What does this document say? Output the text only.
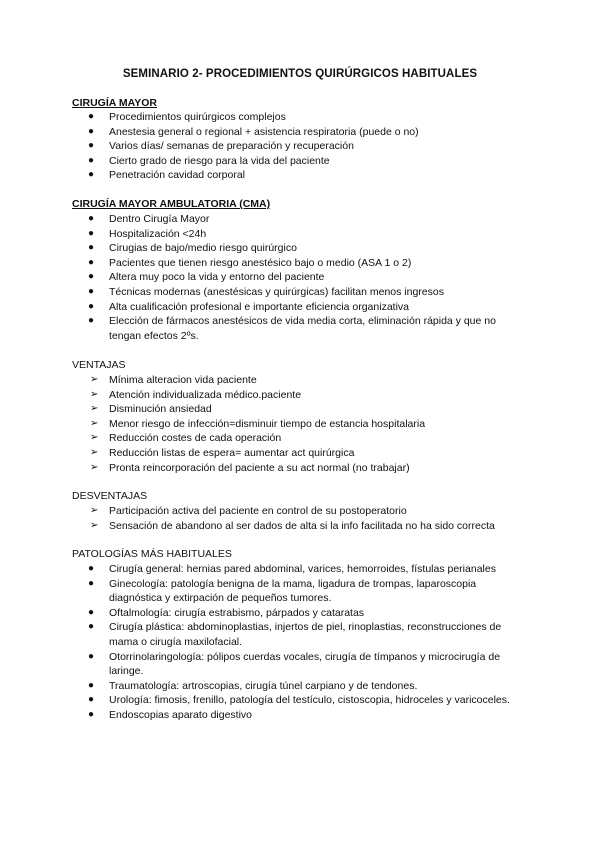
SEMINARIO 2- PROCEDIMIENTOS QUIRÚRGICOS HABITUALES
CIRUGÍA MAYOR
● Procedimientos quirúrgicos complejos
● Anestesia general o regional + asistencia respiratoria (puede o no)
● Varios días/ semanas de preparación y recuperación
● Cierto grado de riesgo para la vida del paciente
● Penetración cavidad corporal
CIRUGÍA MAYOR AMBULATORIA (CMA)
● Dentro Cirugía Mayor
● Hospitalización <24h
● Cirugias de bajo/medio riesgo quirúrgico
● Pacientes que tienen riesgo anestésico bajo o medio (ASA 1 o 2)
● Altera muy poco la vida y entorno del paciente
● Técnicas modernas (anestésicas y quirúrgicas) facilitan menos ingresos
● Alta cualificación profesional e importante eficiencia organizativa
● Elección de fármacos anestésicos de vida media corta, eliminación rápida y que no tengan efectos 2ºs.
VENTAJAS
➢ Mínima alteracion vida paciente
➢ Atención individualizada médico.paciente
➢ Disminución ansiedad
➢ Menor riesgo de infección=disminuir tiempo de estancia hospitalaria
➢ Reducción costes de cada operación
➢ Reducción listas de espera= aumentar act quirúrgica
➢ Pronta reincorporación del paciente a su act normal (no trabajar)
DESVENTAJAS
➢ Participación activa del paciente en control de su postoperatorio
➢ Sensación de abandono al ser dados de alta si la info facilitada no ha sido correcta
PATOLOGÍAS MÁS HABITUALES
● Cirugía general: hernias pared abdominal, varices, hemorroides, fístulas perianales
● Ginecología: patología benigna de la mama, ligadura de trompas, laparoscopia diagnóstica y extirpación de pequeños tumores.
● Oftalmología: cirugía estrabismo, párpados y cataratas
● Cirugía plástica: abdominoplastias, injertos de piel, rinoplastias, reconstrucciones de mama o cirugía maxilofacial.
● Otorrinolaringología: pólipos cuerdas vocales, cirugía de tímpanos y microcirugía de laringe.
● Traumatología: artroscopias, cirugía túnel carpiano y de tendones.
● Urología: fimosis, frenillo, patología del testículo, cistoscopia, hidroceles y varicoceles.
● Endoscopias aparato digestivo
